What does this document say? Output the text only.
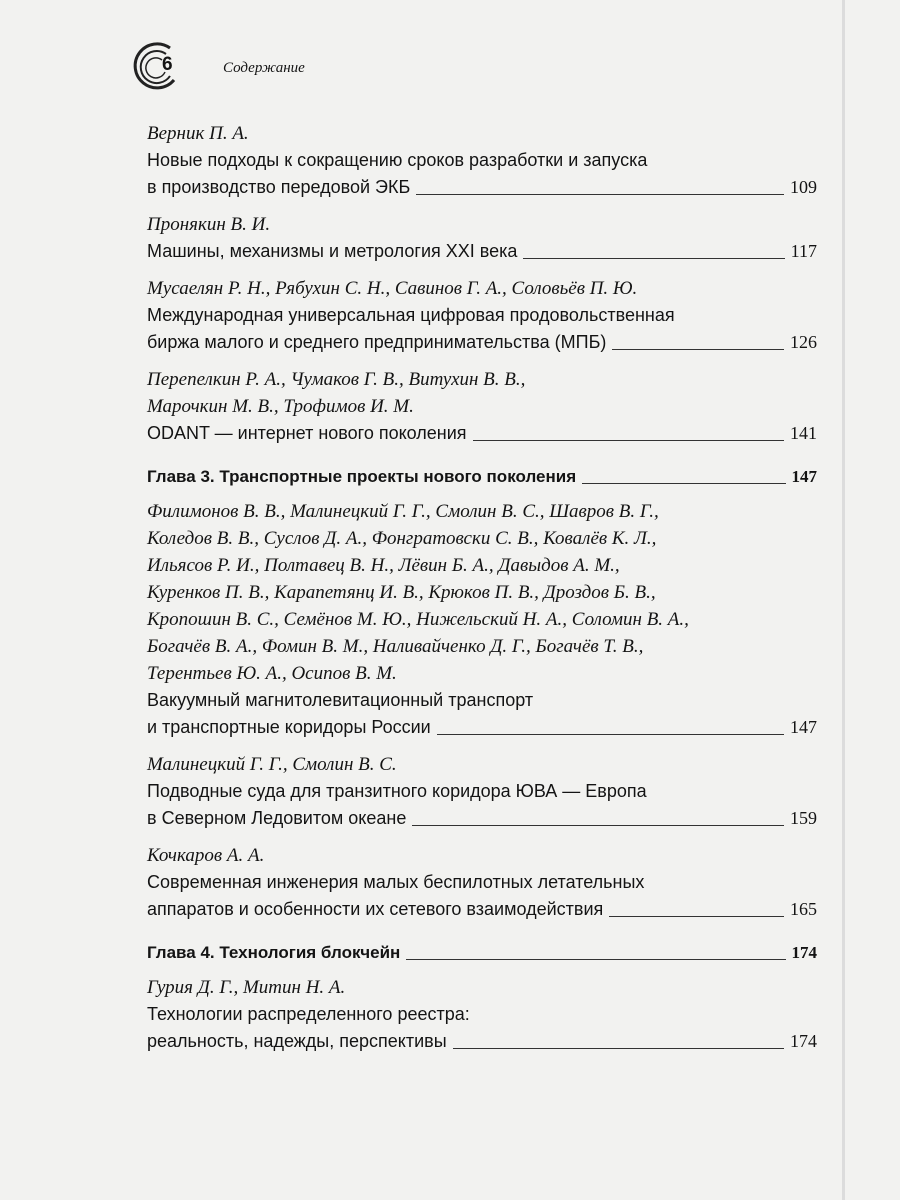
6	Содержание
Верник П. А.
Новые подходы к сокращению сроков разработки и запуска
в производство передовой ЭКБ	109
Пронякин В. И.
Машины, механизмы и метрология XXI века	117
Мусаелян Р. Н., Рябухин С. Н., Савинов Г. А., Соловьёв П. Ю.
Международная универсальная цифровая продовольственная
биржа малого и среднего предпринимательства (МПБ)	126
Перепелкин Р. А., Чумаков Г. В., Витухин В. В.,
Марочкин М. В., Трофимов И. М.
ODANT — интернет нового поколения	141
Глава 3. Транспортные проекты нового поколения	147
Филимонов В. В., Малинецкий Г. Г., Смолин В. С., Шавров В. Г.,
Коледов В. В., Суслов Д. А., Фонгратовски С. В., Ковалёв К. Л.,
Ильясов Р. И., Полтавец В. Н., Лёвин Б. А., Давыдов А. М.,
Куренков П. В., Карапетянц И. В., Крюков П. В., Дроздов Б. В.,
Кропошин В. С., Семёнов М. Ю., Нижельский Н. А., Соломин В. А.,
Богачёв В. А., Фомин В. М., Наливайченко Д. Г., Богачёв Т. В.,
Терентьев Ю. А., Осипов В. М.
Вакуумный магнитолевитационный транспорт
и транспортные коридоры России	147
Малинецкий Г. Г., Смолин В. С.
Подводные суда для транзитного коридора ЮВА — Европа
в Северном Ледовитом океане	159
Кочкаров А. А.
Современная инженерия малых беспилотных летательных
аппаратов и особенности их сетевого взаимодействия	165
Глава 4. Технология блокчейн	174
Гурия Д. Г., Митин Н. А.
Технологии распределенного реестра:
реальность, надежды, перспективы	174
